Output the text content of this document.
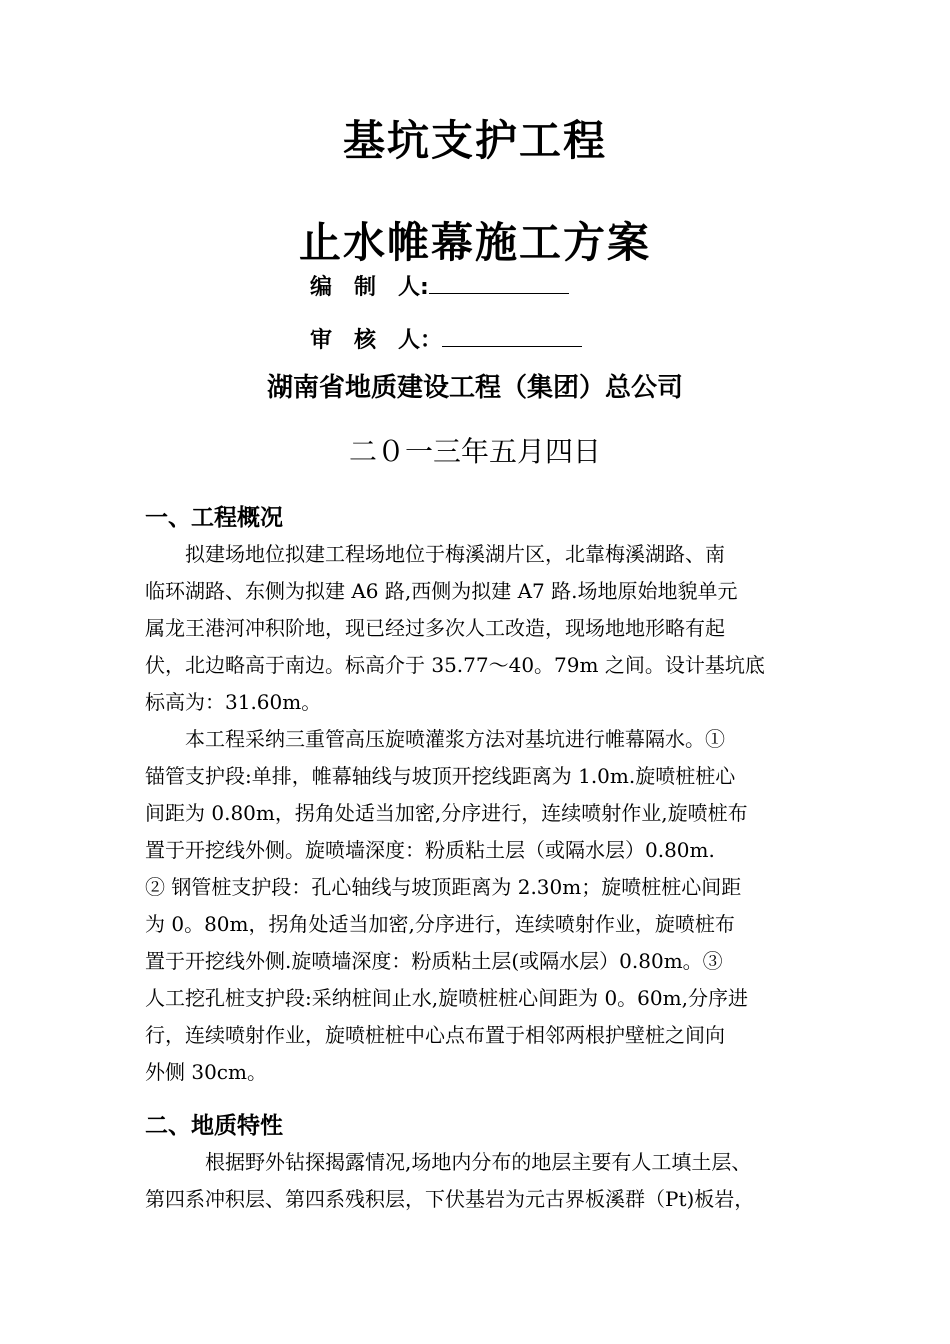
基坑支护工程
止水帷幕施工方案
编　制　人:
审　核　人：
湖南省地质建设工程（集团）总公司
二０一三年五月四日
一、工程概况
　　拟建场地位拟建工程场地位于梅溪湖片区，北靠梅溪湖路、南
临环湖路、东侧为拟建 A6 路,西侧为拟建 A7 路.场地原始地貌单元
属龙王港河冲积阶地，现已经过多次人工改造，现场地地形略有起
伏，北边略高于南边。标高介于 35.77～40。79m 之间。设计基坑底
标高为：31.60m。
　　本工程采纳三重管高压旋喷灌浆方法对基坑进行帷幕隔水。①
锚管支护段:单排，帷幕轴线与坡顶开挖线距离为 1.0m.旋喷桩桩心
间距为 0.80m，拐角处适当加密,分序进行，连续喷射作业,旋喷桩布
置于开挖线外侧。旋喷墙深度：粉质粘土层（或隔水层）0.80m.
② 钢管桩支护段：孔心轴线与坡顶距离为 2.30m；旋喷桩桩心间距
为 0。80m，拐角处适当加密,分序进行，连续喷射作业，旋喷桩布
置于开挖线外侧.旋喷墙深度：粉质粘土层(或隔水层）0.80m。③
人工挖孔桩支护段:采纳桩间止水,旋喷桩桩心间距为 0。60m,分序进
行，连续喷射作业，旋喷桩桩中心点布置于相邻两根护壁桩之间向
外侧 30cm。
二、地质特性
　　　根据野外钻探揭露情况,场地内分布的地层主要有人工填土层、
第四系冲积层、第四系残积层，下伏基岩为元古界板溪群（Pt)板岩，
